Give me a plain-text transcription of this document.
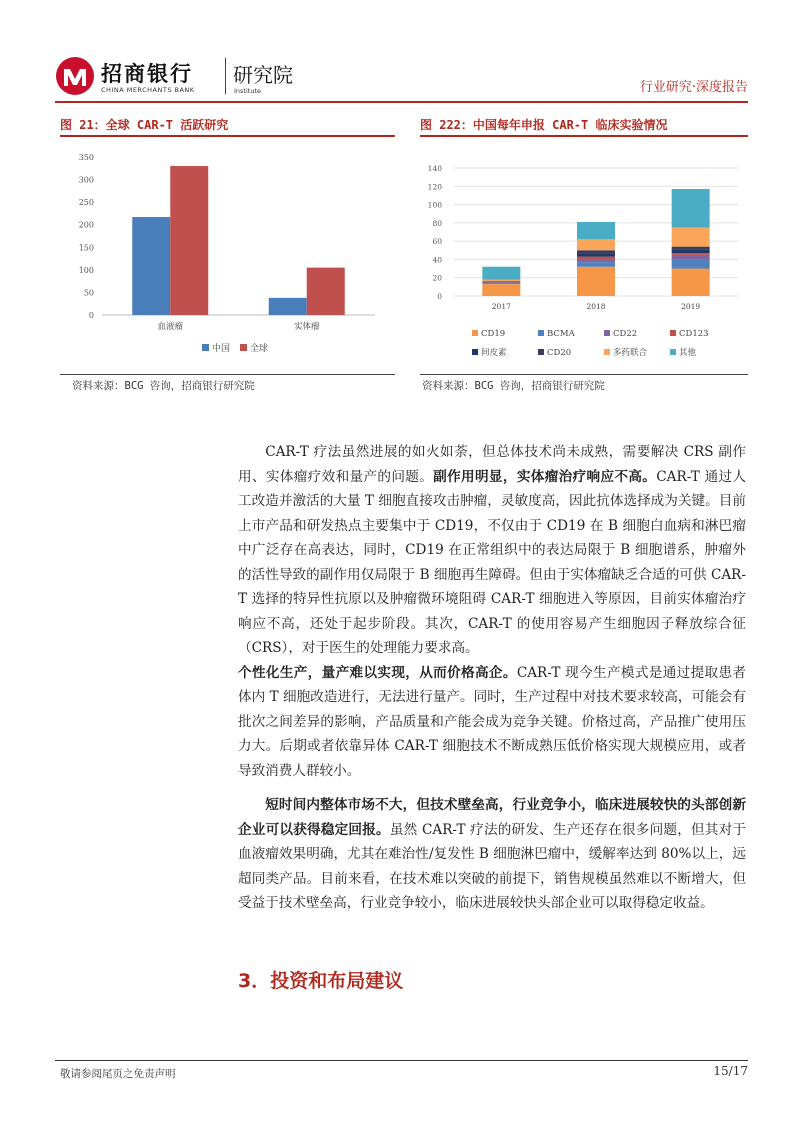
招商银行
CHINA MERCHANTS BANK
研究院
Institute	行业研究·深度报告
图 21：全球 CAR-T 活跃研究
0
50
100
150
200
250
300
350
血液瘤	实体瘤
中国 全球
资料来源：BCG 咨询，招商银行研究院
图 222：中国每年申报 CAR-T 临床实验情况
0
20
40
60
80
100
120
140
2017	2018	2019
CD19	BCMA	CD22	CD123
间皮素	CD20	多药联合	其他
资料来源：BCG 咨询，招商银行研究院

CAR-T 疗法虽然进展的如火如荼，但总体技术尚未成熟，需要解决 CRS 副作用、实体瘤疗效和量产的问题。副作用明显，实体瘤治疗响应不高。CAR-T 通过人工改造并激活的大量 T 细胞直接攻击肿瘤，灵敏度高，因此抗体选择成为关键。目前上市产品和研发热点主要集中于 CD19，不仅由于 CD19 在 B 细胞白血病和淋巴瘤中广泛存在高表达，同时，CD19 在正常组织中的表达局限于 B 细胞谱系，肿瘤外的活性导致的副作用仅局限于 B 细胞再生障碍。但由于实体瘤缺乏合适的可供 CAR-T 选择的特异性抗原以及肿瘤微环境阻碍 CAR-T 细胞进入等原因，目前实体瘤治疗响应不高，还处于起步阶段。其次，CAR-T 的使用容易产生细胞因子释放综合征（CRS），对于医生的处理能力要求高。

个性化生产，量产难以实现，从而价格高企。CAR-T 现今生产模式是通过提取患者体内 T 细胞改造进行，无法进行量产。同时，生产过程中对技术要求较高，可能会有批次之间差异的影响，产品质量和产能会成为竞争关键。价格过高，产品推广使用压力大。后期或者依靠异体 CAR-T 细胞技术不断成熟压低价格实现大规模应用，或者导致消费人群较小。

短时间内整体市场不大，但技术壁垒高，行业竞争小，临床进展较快的头部创新企业可以获得稳定回报。虽然 CAR-T 疗法的研发、生产还存在很多问题，但其对于血液瘤效果明确，尤其在难治性/复发性 B 细胞淋巴瘤中，缓解率达到 80%以上，远超同类产品。目前来看，在技术难以突破的前提下，销售规模虽然难以不断增大，但受益于技术壁垒高，行业竞争较小，临床进展较快头部企业可以取得稳定收益。

3．投资和布局建议
敬请参阅尾页之免责声明	15/17
